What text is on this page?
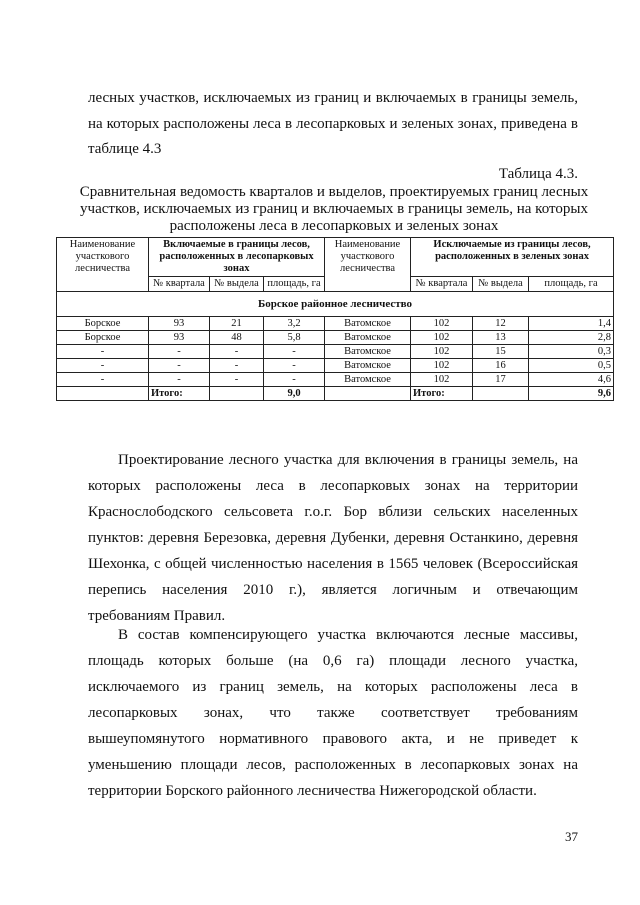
лесных участков, исключаемых из границ и включаемых в границы земель, на которых расположены леса в лесопарковых и зеленых зонах, приведена в таблице 4.3

Таблица 4.3.

Сравнительная ведомость кварталов и выделов, проектируемых границ лесных участков, исключаемых из границ и включаемых в границы земель, на которых расположены леса в лесопарковых и зеленых зонах

Наименование участкового лесничества	Включаемые в границы лесов, расположенных в лесопарковых зонах			Наименование участкового лесничества	Исключаемые из границы лесов, расположенных в зеленых зонах		
	№ квартала	№ выдела	площадь, га		№ квартала	№ выдела	площадь, га
Борское районное лесничество							
Борское	93	21	3,2	Ватомское	102	12	1,4
Борское	93	48	5,8	Ватомское	102	13	2,8
-	-	-	-	Ватомское	102	15	0,3
-	-	-	-	Ватомское	102	16	0,5
-	-	-	-	Ватомское	102	17	4,6
	Итого:		9,0		Итого:		9,6

Проектирование лесного участка для включения в границы земель, на которых расположены леса в лесопарковых зонах на территории Краснослободского сельсовета г.о.г. Бор вблизи сельских населенных пунктов: деревня Березовка, деревня Дубенки, деревня Останкино, деревня Шехонка, с общей численностью населения в 1565 человек (Всероссийская перепись населения 2010 г.), является логичным и отвечающим требованиям Правил.

В состав компенсирующего участка включаются лесные массивы, площадь которых больше (на 0,6 га) площади лесного участка, исключаемого из границ земель, на которых расположены леса в лесопарковых зонах, что также соответствует требованиям вышеупомянутого нормативного правового акта, и не приведет к уменьшению площади лесов, расположенных в лесопарковых зонах на территории Борского районного лесничества Нижегородской области.

37
